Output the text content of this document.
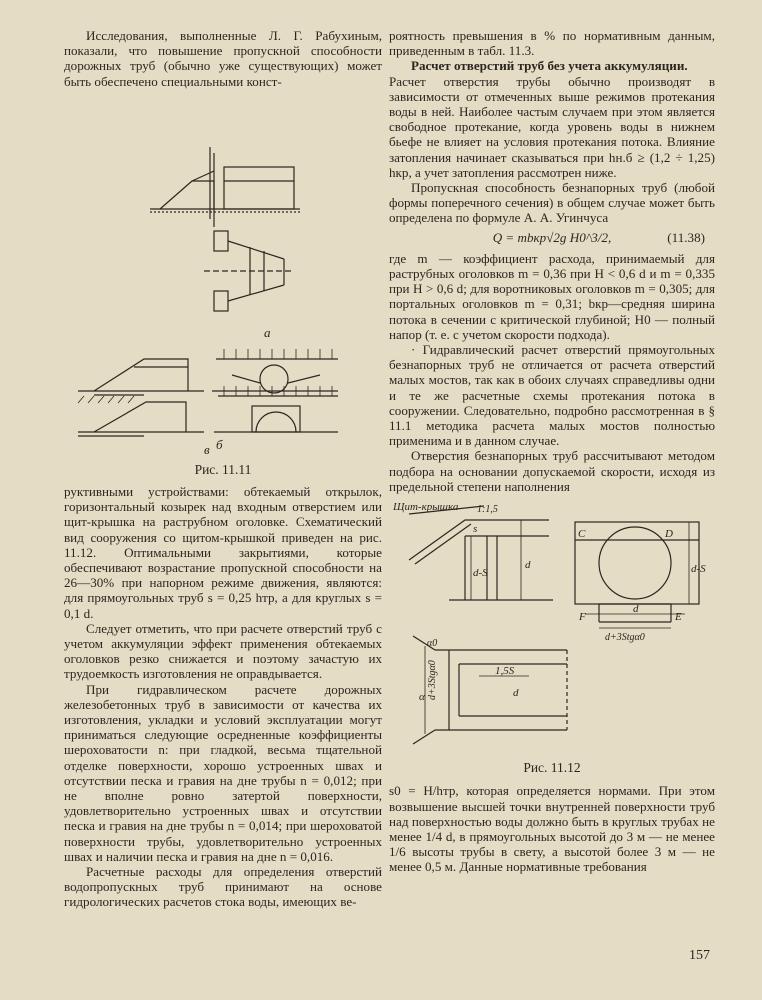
Исследования, выполненные Л. Г. Рабухиным, показали, что повышение пропускной способности дорожных труб (обычно уже существующих) может быть обеспечено специальными конст-

а
б
в
Рис. 11.11

руктивными устройствами: обтекаемый открылок, горизонтальный козырек над входным отверстием или щит-крышка на раструбном оголовке. Схематический вид сооружения со щитом-крышкой приведен на рис. 11.12. Оптимальными закрытиями, которые обеспечивают возрастание пропускной способности на 26—30% при напорном режиме движения, являются: для прямоугольных труб s = 0,25 hтр, а для круглых s = 0,1 d.

Следует отметить, что при расчете отверстий труб с учетом аккумуляции эффект применения обтекаемых оголовков резко снижается и поэтому зачастую их трудоемкость изготовления не оправдывается.

При гидравлическом расчете дорожных железобетонных труб в зависимости от качества их изготовления, укладки и условий эксплуатации могут приниматься следующие осредненные коэффициенты шероховатости n: при гладкой, весьма тщательной отделке поверхности, хорошо устроенных швах и отсутствии песка и гравия на дне трубы n = 0,012; при не вполне ровно затертой поверхности, удовлетворительно устроенных швах и отсутствии песка и гравия на дне трубы n = 0,014; при шероховатой поверхности трубы, удовлетворительно устроенных швах и наличии песка и гравия на дне n = 0,016.

Расчетные расходы для определения отверстий водопропускных труб принимают на основе гидрологических расчетов стока воды, имеющих ве-

роятность превышения в % по нормативным данным, приведенным в табл. 11.3.

Расчет отверстий труб без учета аккумуляции.

Расчет отверстия трубы обычно производят в зависимости от отмеченных выше режимов протекания воды в ней. Наиболее частым случаем при этом является свободное протекание, когда уровень воды в нижнем бьефе не влияет на условия протекания потока. Влияние затопления начинает сказываться при hн.б ≥ (1,2 ÷ 1,25) hкр, а учет затопления рассмотрен ниже.

Пропускная способность безнапорных труб (любой формы поперечного сечения) в общем случае может быть определена по формуле А. А. Угинчуса

Q = mbкр√2g H0^3/2,	(11.38)

где m — коэффициент расхода, принимаемый для раструбных оголовков m = 0,36 при H < 0,6 d и m = 0,335 при H > 0,6 d; для воротниковых оголовков m = 0,305; для портальных оголовков m = 0,31; bкр—средняя ширина потока в сечении с критической глубиной; H0 — полный напор (т. е. с учетом скорости подхода).

· Гидравлический расчет отверстий прямоугольных безнапорных труб не отличается от расчета отверстий малых мостов, так как в обоих случаях справедливы одни и те же расчетные схемы протекания потока в сооружении. Следовательно, подробно рассмотренная в § 11.1 методика расчета малых мостов полностью применима и в данном случае.

Отверстия безнапорных труб рассчитывают методом подбора на основании допускаемой скорости, исходя из предельной степени наполнения

Щит-крышка 1:1,5
s
d-S
d
C	D
F	E
d-S
d
d+3Stgα0
d+3Stgα0	1,5S
d
α
α0
Рис. 11.12

s0 = H/hтр, которая определяется нормами. При этом возвышение высшей точки внутренней поверхности труб над поверхностью воды должно быть в круглых трубах не менее 1/4 d, в прямоугольных высотой до 3 м — не менее 1/6 высоты трубы в свету, а высотой более 3 м — не менее 0,5 м. Данные нормативные требования

157
